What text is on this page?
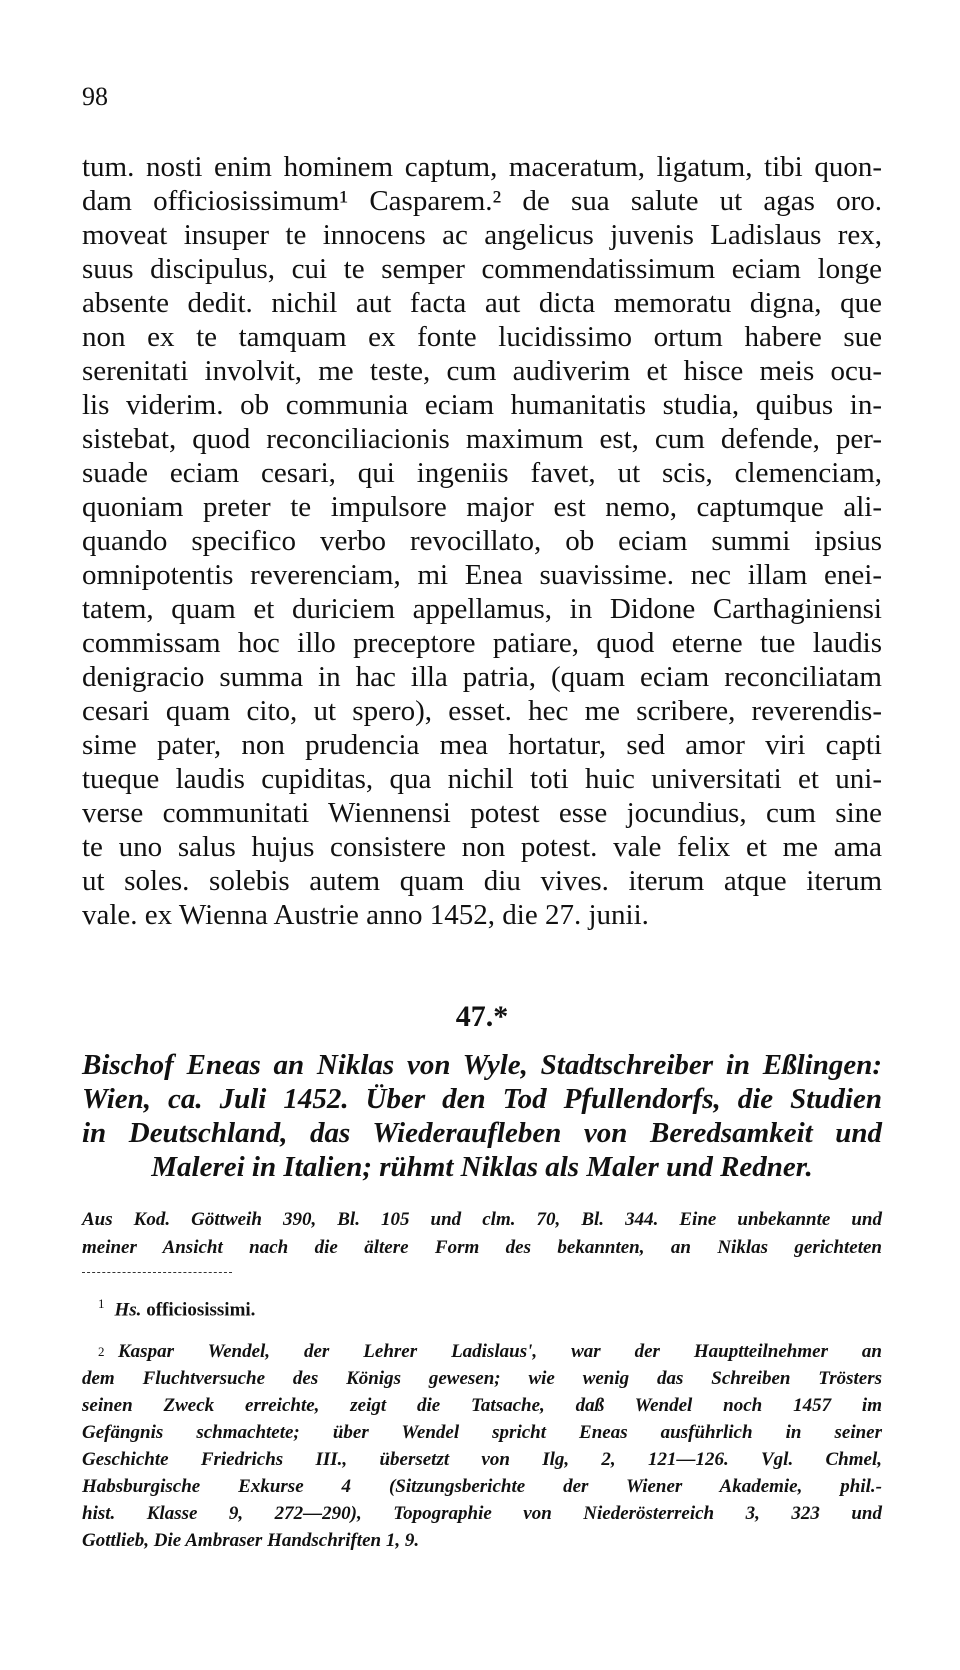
98
tum. nosti enim hominem captum, maceratum, ligatum, tibi quon-
dam officiosissimum¹ Casparem.² de sua salute ut agas oro.
moveat insuper te innocens ac angelicus juvenis Ladislaus rex,
suus discipulus, cui te semper commendatissimum eciam longe
absente dedit. nichil aut facta aut dicta memoratu digna, que
non ex te tamquam ex fonte lucidissimo ortum habere sue
serenitati involvit, me teste, cum audiverim et hisce meis ocu-
lis viderim. ob communia eciam humanitatis studia, quibus in-
sistebat, quod reconciliacionis maximum est, cum defende, per-
suade eciam cesari, qui ingeniis favet, ut scis, clemenciam,
quoniam preter te impulsore major est nemo, captumque ali-
quando specifico verbo revocillato, ob eciam summi ipsius
omnipotentis reverenciam, mi Enea suavissime. nec illam enei-
tatem, quam et duriciem appellamus, in Didone Carthaginiensi
commissam hoc illo preceptore patiare, quod eterne tue laudis
denigracio summa in hac illa patria, (quam eciam reconciliatam
cesari quam cito, ut spero), esset. hec me scribere, reverendis-
sime pater, non prudencia mea hortatur, sed amor viri capti
tueque laudis cupiditas, qua nichil toti huic universitati et uni-
verse communitati Wiennensi potest esse jocundius, cum sine
te uno salus hujus consistere non potest. vale felix et me ama
ut soles. solebis autem quam diu vives. iterum atque iterum
vale. ex Wienna Austrie anno 1452, die 27. junii.
47.*
Bischof Eneas an Niklas von Wyle, Stadtschreiber in Eßlingen:
Wien, ca. Juli 1452. Über den Tod Pfullendorfs, die Studien
in Deutschland, das Wiederaufleben von Beredsamkeit und
Malerei in Italien; rühmt Niklas als Maler und Redner.
Aus Kod. Göttweih 390, Bl. 105 und clm. 70, Bl. 344. Eine unbekannte und
meiner Ansicht nach die ältere Form des bekannten, an Niklas gerichteten
$^1$ Hs. officiosissimi.
$^2$ Kaspar Wendel, der Lehrer Ladislaus', war der Hauptteilnehmer an
dem Fluchtversuche des Königs gewesen; wie wenig das Schreiben Trösters
seinen Zweck erreichte, zeigt die Tatsache, daß Wendel noch 1457 im
Gefängnis schmachtete; über Wendel spricht Eneas ausführlich in seiner
Geschichte Friedrichs III., übersetzt von Ilg, 2, 121—126. Vgl. Chmel,
Habsburgische Exkurse 4 (Sitzungsberichte der Wiener Akademie, phil.-
hist. Klasse 9, 272—290), Topographie von Niederösterreich 3, 323 und
Gottlieb, Die Ambraser Handschriften 1, 9.
